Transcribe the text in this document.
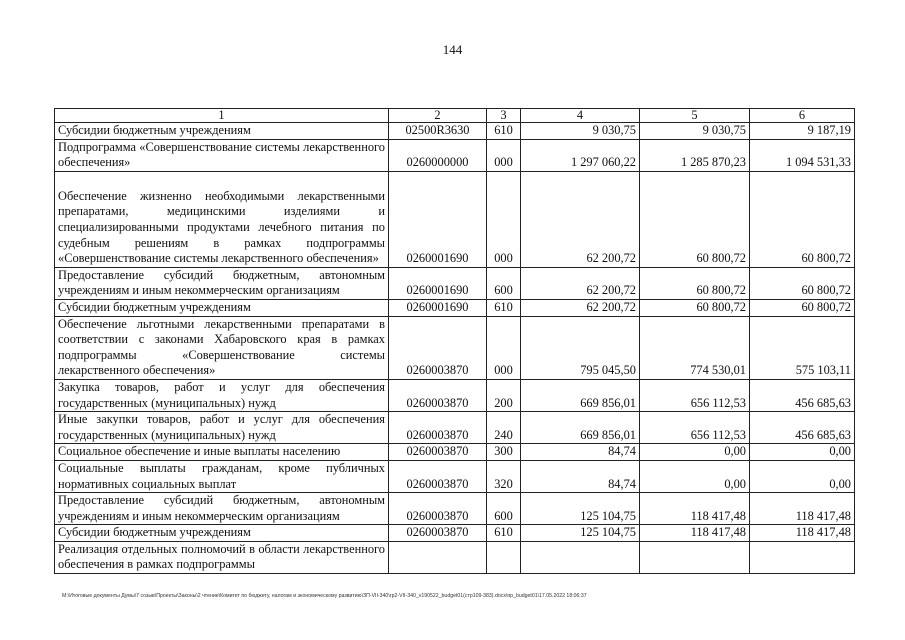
144
1	2	3	4	5	6
Субсидии бюджетным учреждениям	02500R3630	610	9 030,75	9 030,75	9 187,19
Подпрограмма «Совершенствование системы лекарственного обеспечения»	0260000000	000	1 297 060,22	1 285 870,23	1 094 531,33
Обеспечение жизненно необходимыми лекарственными препаратами, медицинскими изделиями и специализированными продуктами лечебного питания по судебным решениям в рамках подпрограммы «Совершенствование системы лекарственного обеспечения»	0260001690	000	62 200,72	60 800,72	60 800,72
Предоставление субсидий бюджетным, автономным учреждениям и иным некоммерческим организациям	0260001690	600	62 200,72	60 800,72	60 800,72
Субсидии бюджетным учреждениям	0260001690	610	62 200,72	60 800,72	60 800,72
Обеспечение льготными лекарственными препаратами в соответствии с законами Хабаровского края в рамках подпрограммы «Совершенствование системы лекарственного обеспечения»	0260003870	000	795 045,50	774 530,01	575 103,11
Закупка товаров, работ и услуг для обеспечения государственных (муниципальных) нужд	0260003870	200	669 856,01	656 112,53	456 685,63
Иные закупки товаров, работ и услуг для обеспечения государственных (муниципальных) нужд	0260003870	240	669 856,01	656 112,53	456 685,63
Социальное обеспечение и иные выплаты населению	0260003870	300	84,74	0,00	0,00
Социальные выплаты гражданам, кроме публичных нормативных социальных выплат	0260003870	320	84,74	0,00	0,00
Предоставление субсидий бюджетным, автономным учреждениям и иным некоммерческим организациям	0260003870	600	125 104,75	118 417,48	118 417,48
Субсидии бюджетным учреждениям	0260003870	610	125 104,75	118 417,48	118 417,48
Реализация отдельных полномочий в области лекарственного обеспечения в рамках подпрограммы					
М:\Итоговые документы Думы\7 созыв\Проекты\Законы\2 чтение\Комитет по бюджету, налогам и экономическому развитию\ЗП-VII-340\гр2-VII-340_v190522_budget01(стр109-383).docx\пр_budget01\17.05.2022 18:06:37
